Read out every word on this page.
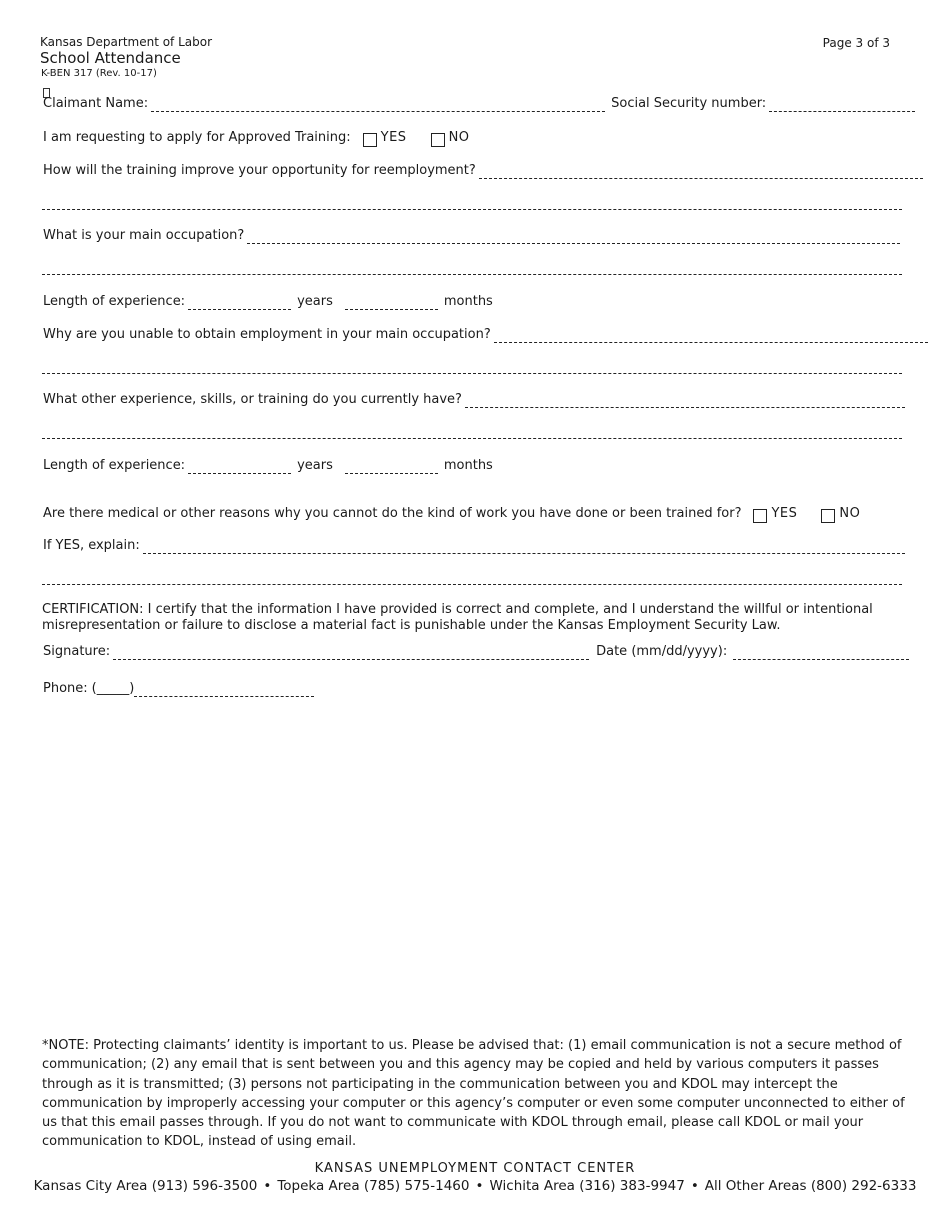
Kansas Department of Labor
School Attendance
K-BEN 317 (Rev. 10-17)
Page 3 of 3
Claimant Name:	Social Security number:
I am requesting to apply for Approved Training: YES	NO
How will the training improve your opportunity for reemployment?
What is your main occupation?
Length of experience:	years	months
Why are you unable to obtain employment in your main occupation?
What other experience, skills, or training do you currently have?
Length of experience:	years	months
Are there medical or other reasons why you cannot do the kind of work you have done or been trained for? YES	NO
If YES, explain:
CERTIFICATION: I certify that the information I have provided is correct and complete, and I understand the willful or intentional misrepresentation or failure to disclose a material fact is punishable under the Kansas Employment Security Law.
Signature:	Date (mm/dd/yyyy):
Phone: (_____)
*NOTE: Protecting claimants’ identity is important to us. Please be advised that: (1) email communication is not a secure method of communication; (2) any email that is sent between you and this agency may be copied and held by various computers it passes through as it is transmitted; (3) persons not participating in the communication between you and KDOL may intercept the communication by improperly accessing your computer or this agency’s computer or even some computer unconnected to either of us that this email passes through. If you do not want to communicate with KDOL through email, please call KDOL or mail your communication to KDOL, instead of using email.
KANSAS UNEMPLOYMENT CONTACT CENTER
Kansas City Area (913) 596-3500 • Topeka Area (785) 575-1460 • Wichita Area (316) 383-9947 • All Other Areas (800) 292-6333
